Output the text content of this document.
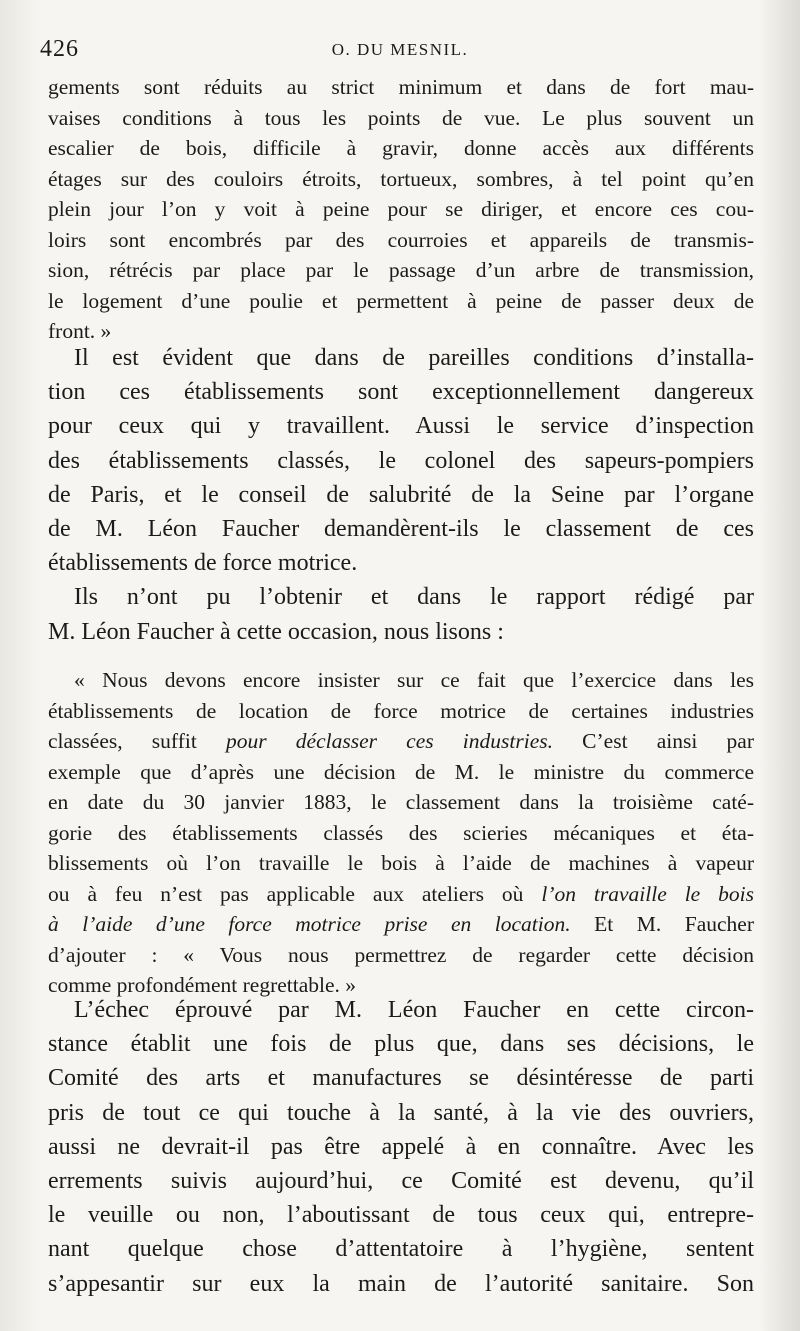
426	O. DU MESNIL.
gements sont réduits au strict minimum et dans de fort mau-
vaises conditions à tous les points de vue. Le plus souvent un
escalier de bois, difficile à gravir, donne accès aux différents
étages sur des couloirs étroits, tortueux, sombres, à tel point qu’en
plein jour l’on y voit à peine pour se diriger, et encore ces cou-
loirs sont encombrés par des courroies et appareils de transmis-
sion, rétrécis par place par le passage d’un arbre de transmission,
le logement d’une poulie et permettent à peine de passer deux de
front. »
Il est évident que dans de pareilles conditions d’installa-
tion ces établissements sont exceptionnellement dangereux
pour ceux qui y travaillent. Aussi le service d’inspection
des établissements classés, le colonel des sapeurs-pompiers
de Paris, et le conseil de salubrité de la Seine par l’organe
de M. Léon Faucher demandèrent-ils le classement de ces
établissements de force motrice.
Ils n’ont pu l’obtenir et dans le rapport rédigé par
M. Léon Faucher à cette occasion, nous lisons :
« Nous devons encore insister sur ce fait que l’exercice dans les
établissements de location de force motrice de certaines industries
classées, suffit pour déclasser ces industries. C’est ainsi par
exemple que d’après une décision de M. le ministre du commerce
en date du 30 janvier 1883, le classement dans la troisième caté-
gorie des établissements classés des scieries mécaniques et éta-
blissements où l’on travaille le bois à l’aide de machines à vapeur
ou à feu n’est pas applicable aux ateliers où l’on travaille le bois
à l’aide d’une force motrice prise en location. Et M. Faucher
d’ajouter : « Vous nous permettrez de regarder cette décision
comme profondément regrettable. »
L’échec éprouvé par M. Léon Faucher en cette circon-
stance établit une fois de plus que, dans ses décisions, le
Comité des arts et manufactures se désintéresse de parti
pris de tout ce qui touche à la santé, à la vie des ouvriers,
aussi ne devrait-il pas être appelé à en connaître. Avec les
errements suivis aujourd’hui, ce Comité est devenu, qu’il
le veuille ou non, l’aboutissant de tous ceux qui, entrepre-
nant quelque chose d’attentatoire à l’hygiène, sentent
s’appesantir sur eux la main de l’autorité sanitaire. Son
